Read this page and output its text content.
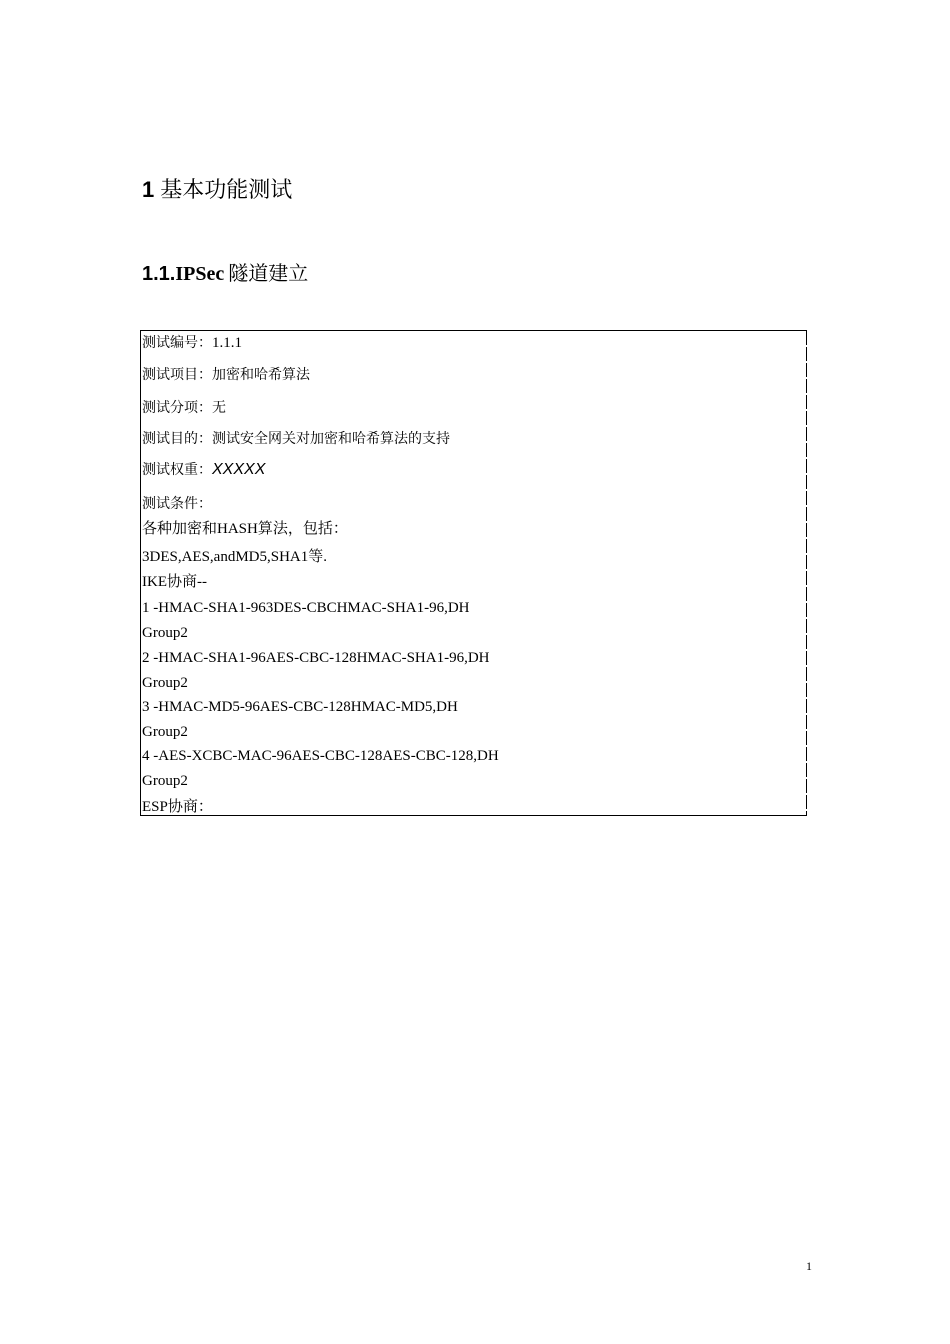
1 基本功能测试
1.1.IPSec 隧道建立
测试编号：1.1.1
测试项目：加密和哈希算法
测试分项：无
测试目的：测试安全网关对加密和哈希算法的支持
测试权重：XXXXX
测试条件：
各种加密和HASH算法，包括：
3DES,AES,andMD5,SHA1等.
IKE协商--
1 -HMAC-SHA1-963DES-CBCHMAC-SHA1-96,DH
Group2
2 -HMAC-SHA1-96AES-CBC-128HMAC-SHA1-96,DH
Group2
3 -HMAC-MD5-96AES-CBC-128HMAC-MD5,DH
Group2
4 -AES-XCBC-MAC-96AES-CBC-128AES-CBC-128,DH
Group2
ESP协商：
1
